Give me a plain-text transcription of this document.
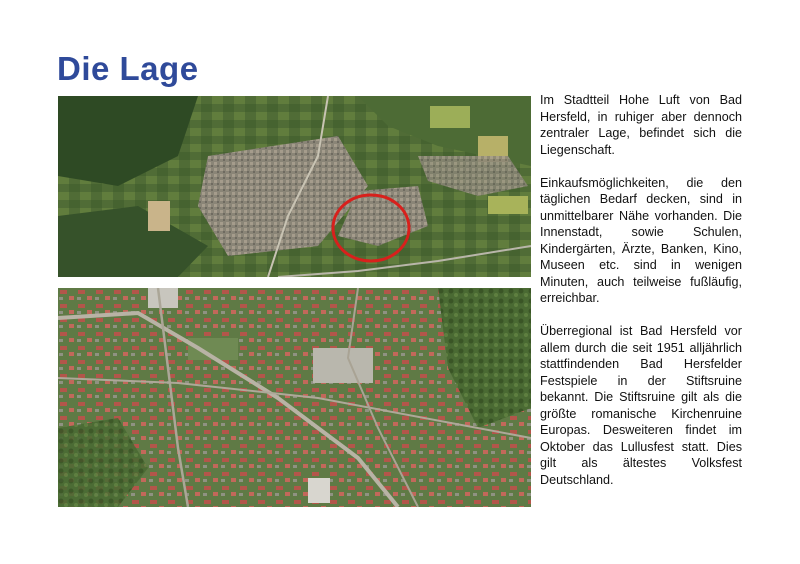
Die Lage

Im Stadtteil Hohe Luft von Bad Hersfeld, in ruhiger aber dennoch zentraler Lage, befindet sich die Liegenschaft.

Einkaufsmöglichkeiten, die den täglichen Bedarf decken, sind in unmittelbarer Nähe vorhanden. Die Innenstadt, sowie Schulen, Kindergärten, Ärzte, Banken, Kino, Museen etc. sind in wenigen Minuten, auch teilweise fußläufig, erreichbar.

Überregional ist Bad Hersfeld vor allem durch die seit 1951 alljährlich stattfindenden Bad Hersfelder Festspiele in der Stiftsruine bekannt. Die Stiftsruine gilt als die größte romanische Kirchenruine Europas. Desweiteren findet im Oktober das Lullusfest statt. Dies gilt als ältestes Volksfest Deutschland.
